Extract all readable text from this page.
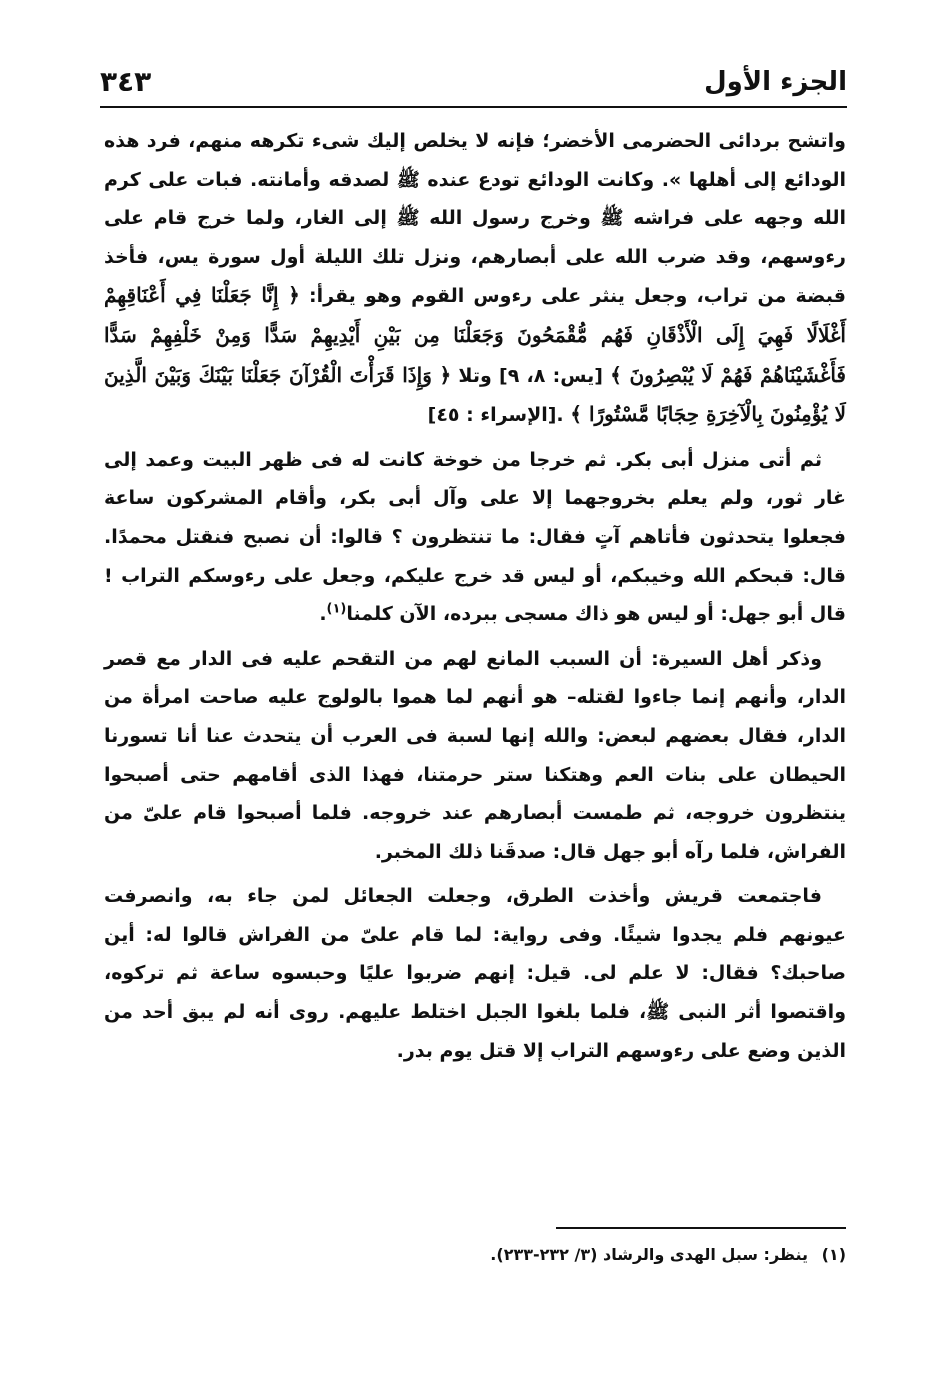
٣٤٣	الجزء الأول

واتشح بردائى الحضرمى الأخضر؛ فإنه لا يخلص إليك شىء تكرهه منهم، فرد هذه الودائع إلى أهلها ». وكانت الودائع تودع عنده ﷺ لصدقه وأمانته. فبات على كرم الله وجهه على فراشه ﷺ وخرج رسول الله ﷺ إلى الغار، ولما خرج قام على رءوسهم، وقد ضرب الله على أبصارهم، ونزل تلك الليلة أول سورة يس، فأخذ قبضة من تراب، وجعل ينثر على رءوس القوم وهو يقرأ: ﴿ إِنَّا جَعَلْنَا فِي أَعْنَاقِهِمْ أَغْلَالًا فَهِيَ إِلَى الْأَذْقَانِ فَهُم مُّقْمَحُونَ وَجَعَلْنَا مِن بَيْنِ أَيْدِيهِمْ سَدًّا وَمِنْ خَلْفِهِمْ سَدًّا فَأَغْشَيْنَاهُمْ فَهُمْ لَا يُبْصِرُونَ ﴾ [يس: ٨، ٩] وتلا ﴿ وَإِذَا قَرَأْتَ الْقُرْآنَ جَعَلْنَا بَيْنَكَ وَبَيْنَ الَّذِينَ لَا يُؤْمِنُونَ بِالْآخِرَةِ حِجَابًا مَّسْتُورًا ﴾ .[الإسراء : ٤٥]

ثم أتى منزل أبى بكر. ثم خرجا من خوخة كانت له فى ظهر البيت وعمد إلى غار ثور، ولم يعلم بخروجهما إلا على وآل أبى بكر، وأقام المشركون ساعة فجعلوا يتحدثون فأتاهم آتٍ فقال: ما تنتظرون ؟ قالوا: أن نصبح فنقتل محمدًا. قال: قبحكم الله وخيبكم، أو ليس قد خرج عليكم، وجعل على رءوسكم التراب ! قال أبو جهل: أو ليس هو ذاك مسجى ببرده، الآن كلمنا$^{(١)}$.

وذكر أهل السيرة: أن السبب المانع لهم من التقحم عليه فى الدار مع قصر الدار، وأنهم إنما جاءوا لقتله– هو أنهم لما هموا بالولوج عليه صاحت امرأة من الدار، فقال بعضهم لبعض: والله إنها لسبة فى العرب أن يتحدث عنا أنا تسورنا الحيطان على بنات العم وهتكنا ستر حرمتنا، فهذا الذى أقامهم حتى أصبحوا ينتظرون خروجه، ثم طمست أبصارهم عند خروجه. فلما أصبحوا قام علىّ من الفراش، فلما رآه أبو جهل قال: صدقَنا ذلك المخبر.

فاجتمعت قريش وأخذت الطرق، وجعلت الجعائل لمن جاء به، وانصرفت عيونهم فلم يجدوا شيئًا. وفى رواية: لما قام علىّ من الفراش قالوا له: أين صاحبك؟ فقال: لا علم لى. قيل: إنهم ضربوا عليًا وحبسوه ساعة ثم تركوه، واقتصوا أثر النبى ﷺ، فلما بلغوا الجبل اختلط عليهم. روى أنه لم يبق أحد من الذين وضع على رءوسهم التراب إلا قتل يوم بدر.

(١) ينظر: سبل الهدى والرشاد (٣/ ٢٣٢-٢٣٣).
